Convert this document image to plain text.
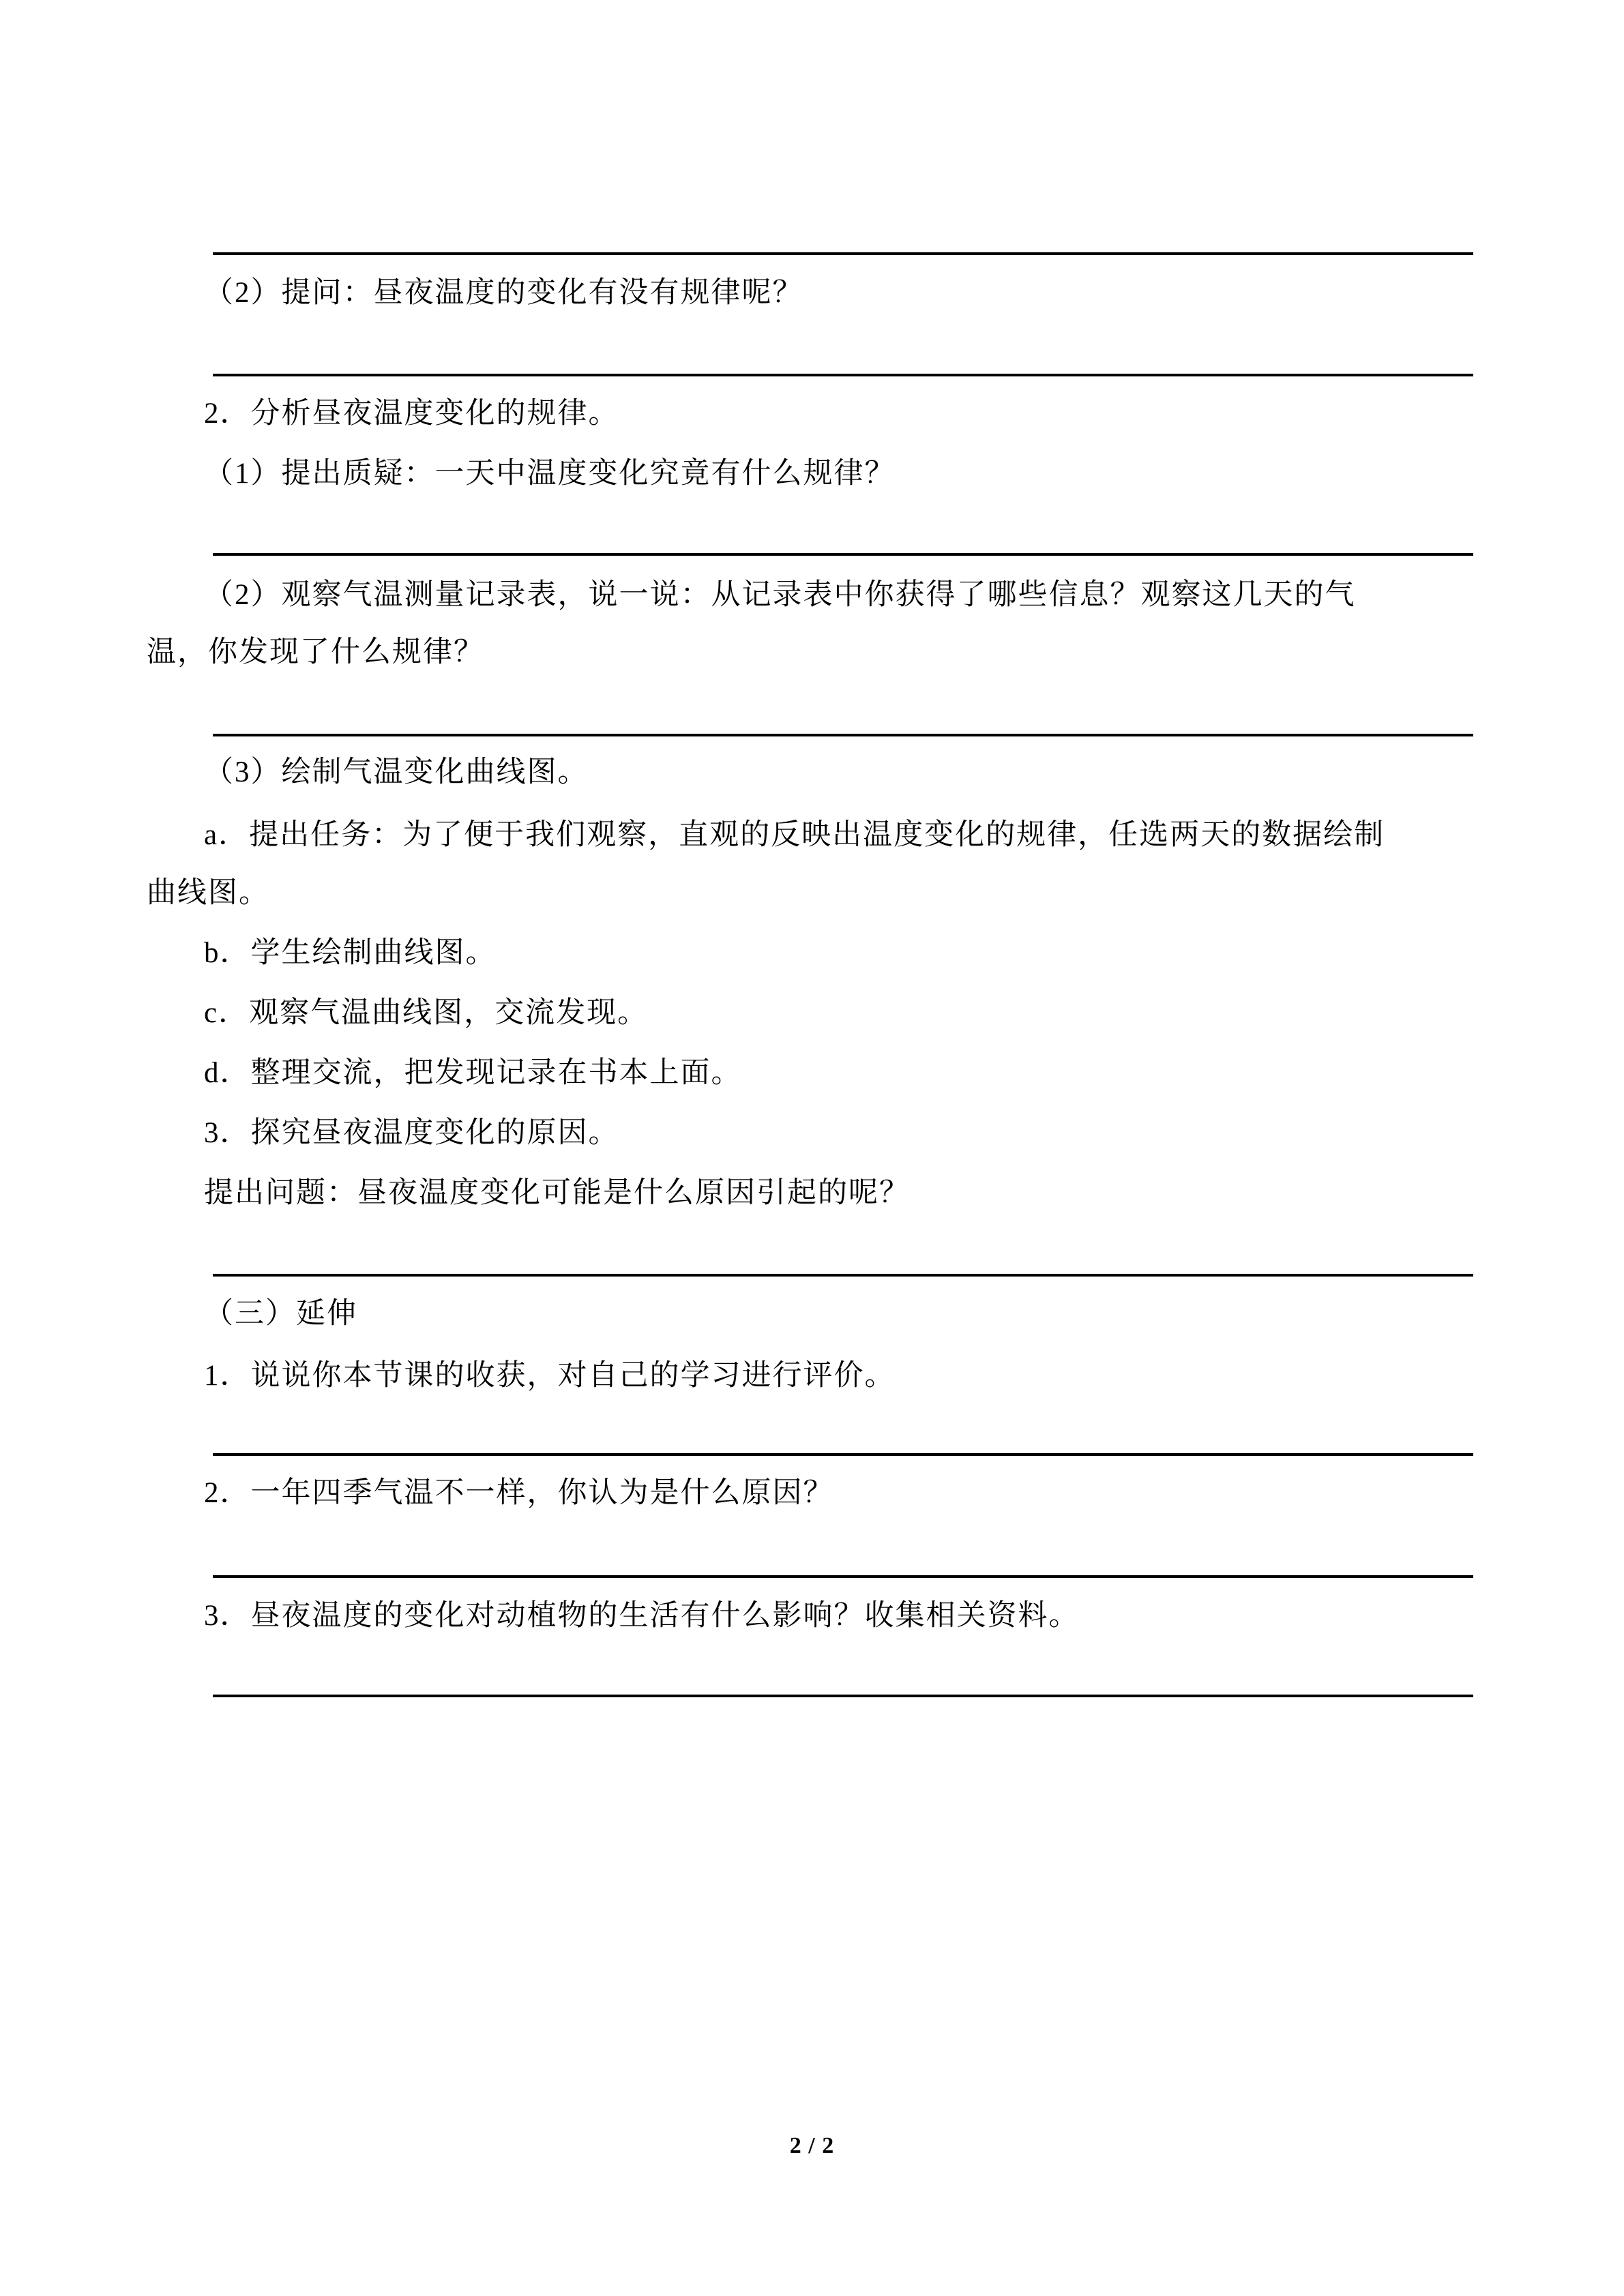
（2）提问：昼夜温度的变化有没有规律呢？
2．分析昼夜温度变化的规律。
（1）提出质疑：一天中温度变化究竟有什么规律？
（2）观察气温测量记录表，说一说：从记录表中你获得了哪些信息？观察这几天的气
温，你发现了什么规律？
（3）绘制气温变化曲线图。
a．提出任务：为了便于我们观察，直观的反映出温度变化的规律，任选两天的数据绘制
曲线图。
b．学生绘制曲线图。
c．观察气温曲线图，交流发现。
d．整理交流，把发现记录在书本上面。
3．探究昼夜温度变化的原因。
提出问题：昼夜温度变化可能是什么原因引起的呢？
（三）延伸
1．说说你本节课的收获，对自己的学习进行评价。
2．一年四季气温不一样，你认为是什么原因？
3．昼夜温度的变化对动植物的生活有什么影响？收集相关资料。
2 / 2
